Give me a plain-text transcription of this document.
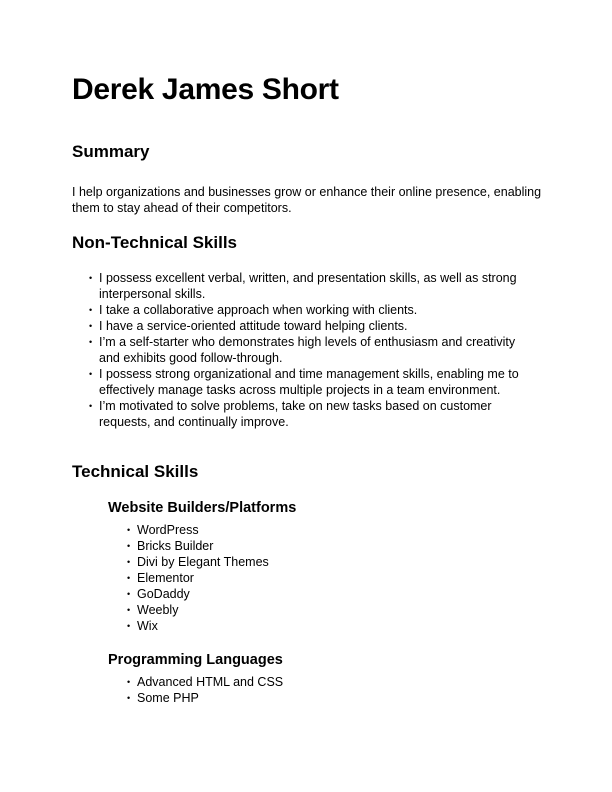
Derek James Short
Summary

I help organizations and businesses grow or enhance their online presence, enabling them to stay ahead of their competitors.

Non-Technical Skills
• I possess excellent verbal, written, and presentation skills, as well as strong interpersonal skills.
• I take a collaborative approach when working with clients.
• I have a service-oriented attitude toward helping clients.
• I’m a self-starter who demonstrates high levels of enthusiasm and creativity and exhibits good follow-through.
• I possess strong organizational and time management skills, enabling me to effectively manage tasks across multiple projects in a team environment.
• I’m motivated to solve problems, take on new tasks based on customer requests, and continually improve.
Technical Skills
Website Builders/Platforms
• WordPress
• Bricks Builder
• Divi by Elegant Themes
• Elementor
• GoDaddy
• Weebly
• Wix
Programming Languages
• Advanced HTML and CSS
• Some PHP
